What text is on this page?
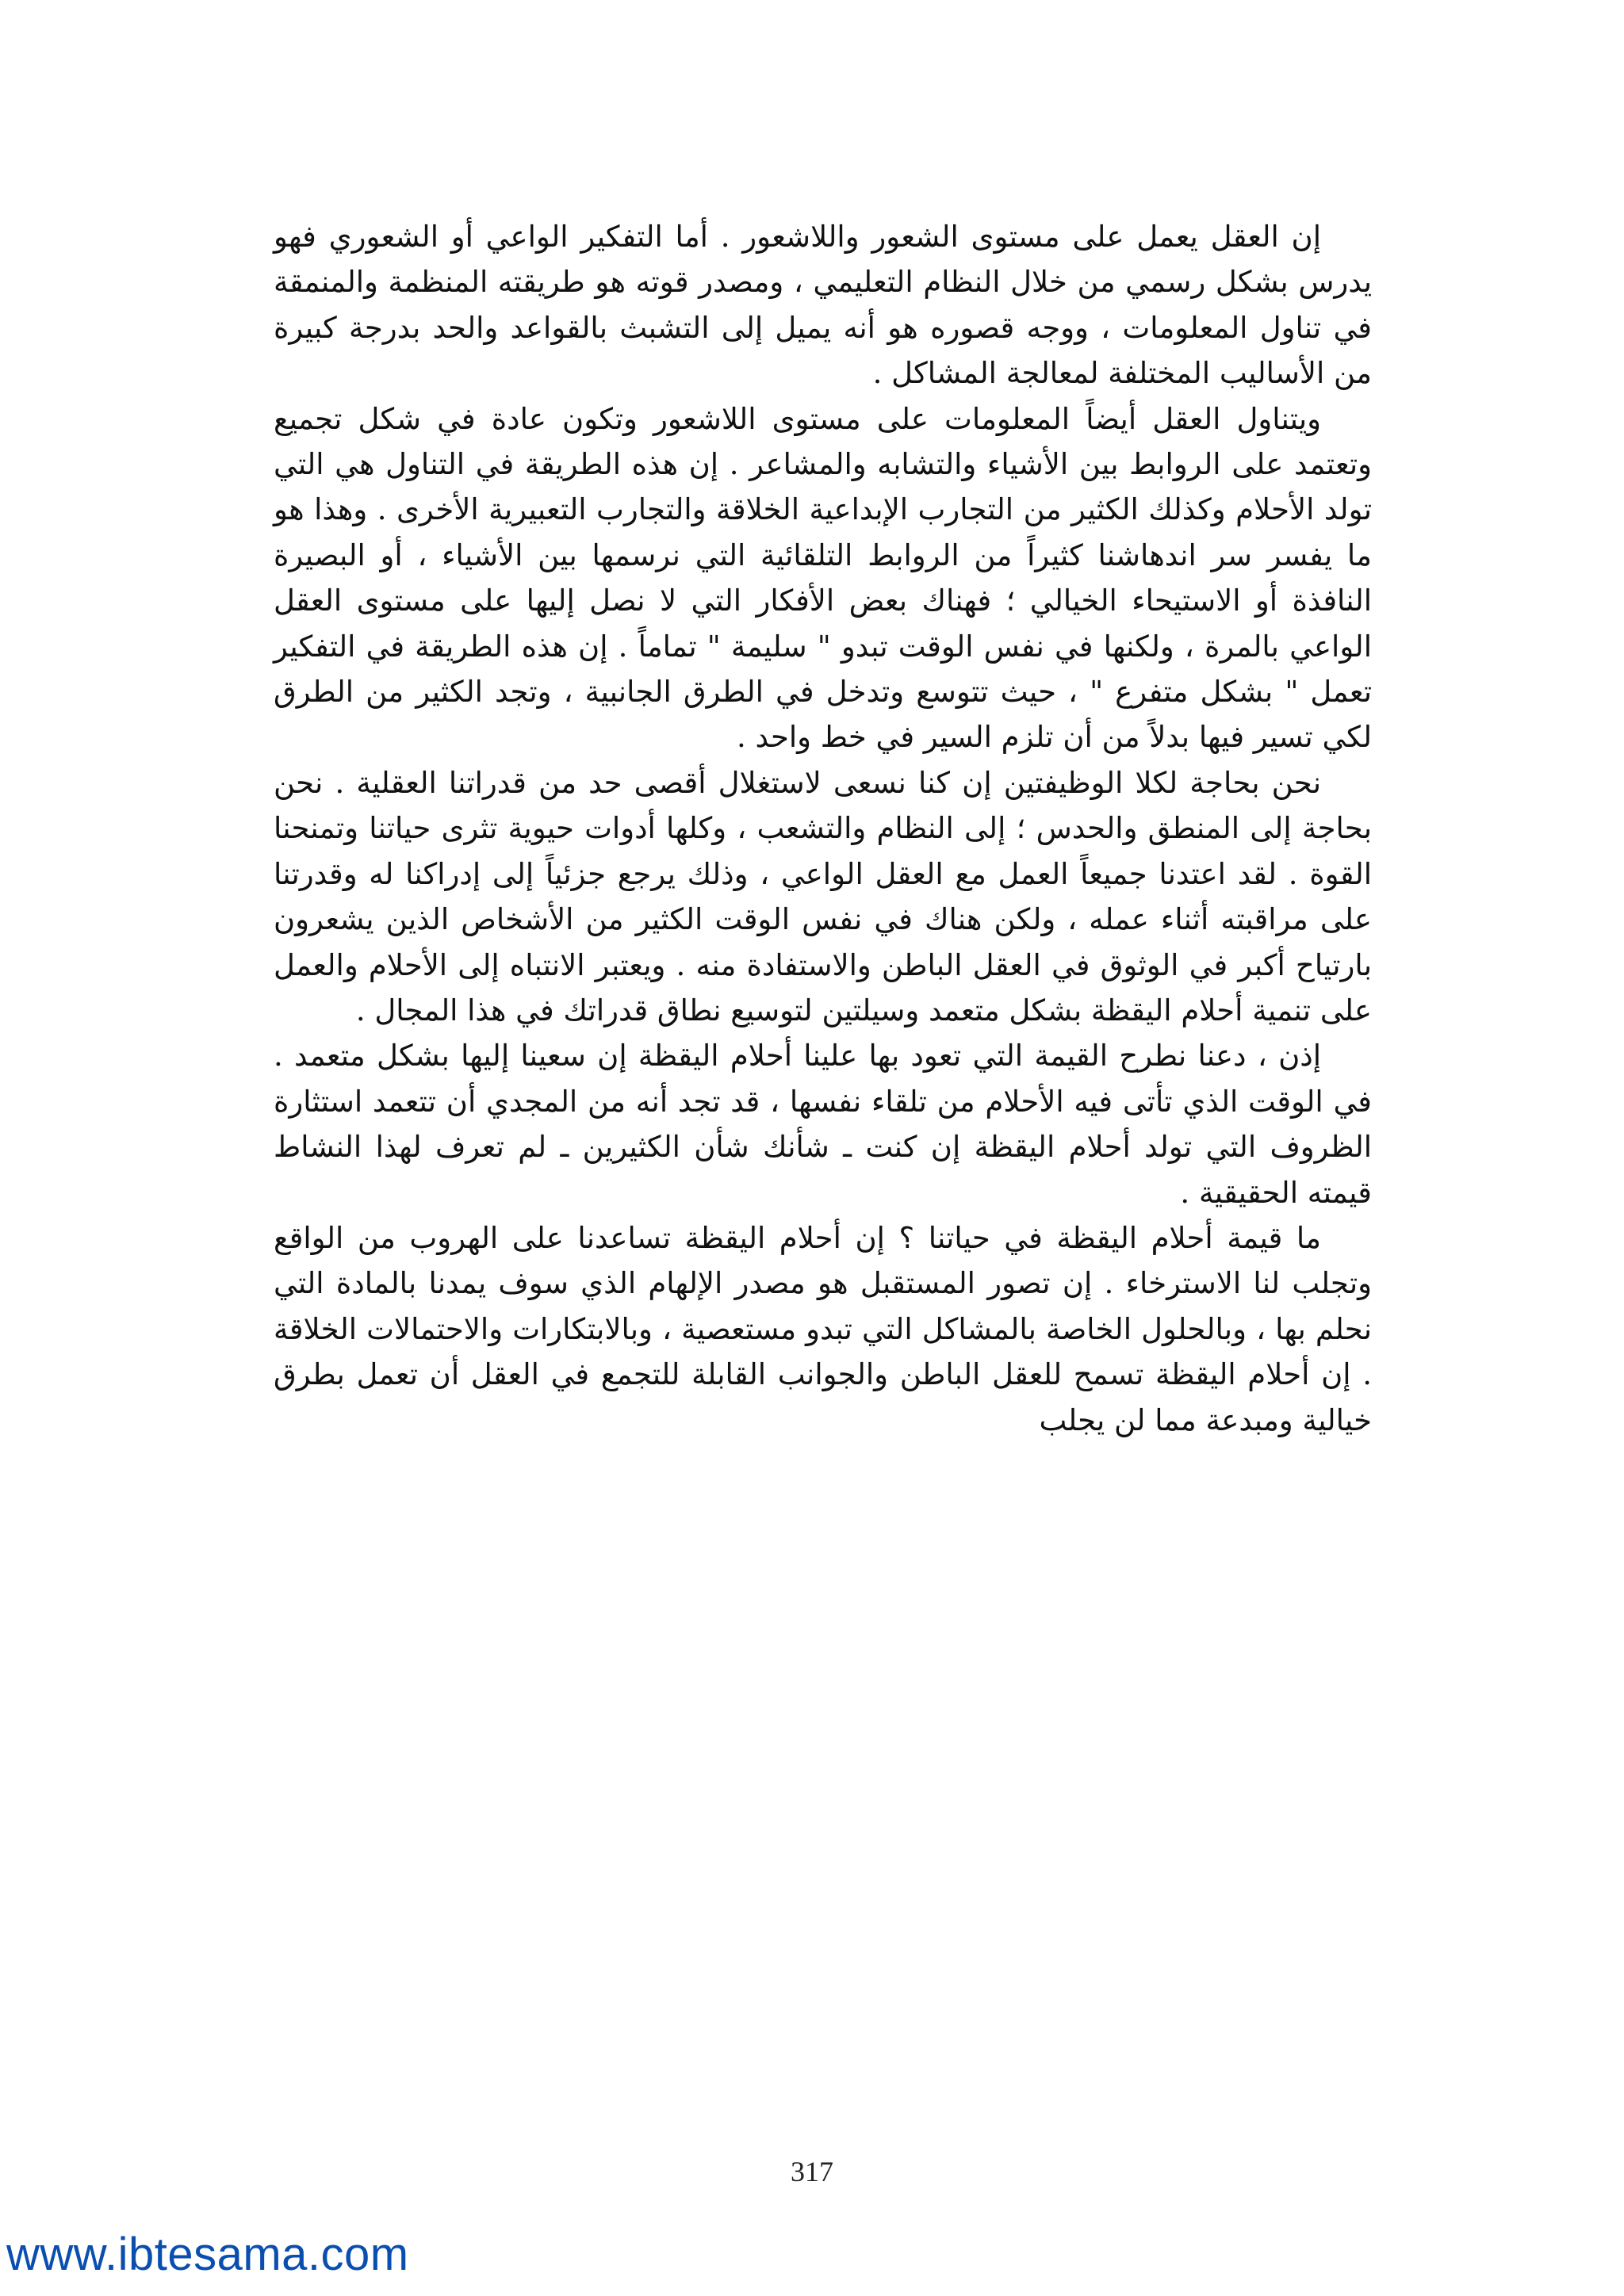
إن العقل يعمل على مستوى الشعور واللاشعور . أما التفكير الواعي أو الشعوري فهو يدرس بشكل رسمي من خلال النظام التعليمي ، ومصدر قوته هو طريقته المنظمة والمنمقة في تناول المعلومات ، ووجه قصوره هو أنه يميل إلى التشبث بالقواعد والحد بدرجة كبيرة من الأساليب المختلفة لمعالجة المشاكل .

ويتناول العقل أيضاً المعلومات على مستوى اللاشعور وتكون عادة في شكل تجميع وتعتمد على الروابط بين الأشياء والتشابه والمشاعر . إن هذه الطريقة في التناول هي التي تولد الأحلام وكذلك الكثير من التجارب الإبداعية الخلاقة والتجارب التعبيرية الأخرى . وهذا هو ما يفسر سر اندهاشنا كثيراً من الروابط التلقائية التي نرسمها بين الأشياء ، أو البصيرة النافذة أو الاستيحاء الخيالي ؛ فهناك بعض الأفكار التي لا نصل إليها على مستوى العقل الواعي بالمرة ، ولكنها في نفس الوقت تبدو " سليمة " تماماً . إن هذه الطريقة في التفكير تعمل " بشكل متفرع " ، حيث تتوسع وتدخل في الطرق الجانبية ، وتجد الكثير من الطرق لكي تسير فيها بدلاً من أن تلزم السير في خط واحد .

نحن بحاجة لكلا الوظيفتين إن كنا نسعى لاستغلال أقصى حد من قدراتنا العقلية . نحن بحاجة إلى المنطق والحدس ؛ إلى النظام والتشعب ، وكلها أدوات حيوية تثرى حياتنا وتمنحنا القوة . لقد اعتدنا جميعاً العمل مع العقل الواعي ، وذلك يرجع جزئياً إلى إدراكنا له وقدرتنا على مراقبته أثناء عمله ، ولكن هناك في نفس الوقت الكثير من الأشخاص الذين يشعرون بارتياح أكبر في الوثوق في العقل الباطن والاستفادة منه . ويعتبر الانتباه إلى الأحلام والعمل على تنمية أحلام اليقظة بشكل متعمد وسيلتين لتوسيع نطاق قدراتك في هذا المجال .

إذن ، دعنا نطرح القيمة التي تعود بها علينا أحلام اليقظة إن سعينا إليها بشكل متعمد . في الوقت الذي تأتى فيه الأحلام من تلقاء نفسها ، قد تجد أنه من المجدي أن تتعمد استثارة الظروف التي تولد أحلام اليقظة إن كنت ـ شأنك شأن الكثيرين ـ لم تعرف لهذا النشاط قيمته الحقيقية .

ما قيمة أحلام اليقظة في حياتنا ؟ إن أحلام اليقظة تساعدنا على الهروب من الواقع وتجلب لنا الاسترخاء . إن تصور المستقبل هو مصدر الإلهام الذي سوف يمدنا بالمادة التي نحلم بها ، وبالحلول الخاصة بالمشاكل التي تبدو مستعصية ، وبالابتكارات والاحتمالات الخلاقة . إن أحلام اليقظة تسمح للعقل الباطن والجوانب القابلة للتجمع في العقل أن تعمل بطرق خيالية ومبدعة مما لن يجلب

317
www.ibtesama.com
